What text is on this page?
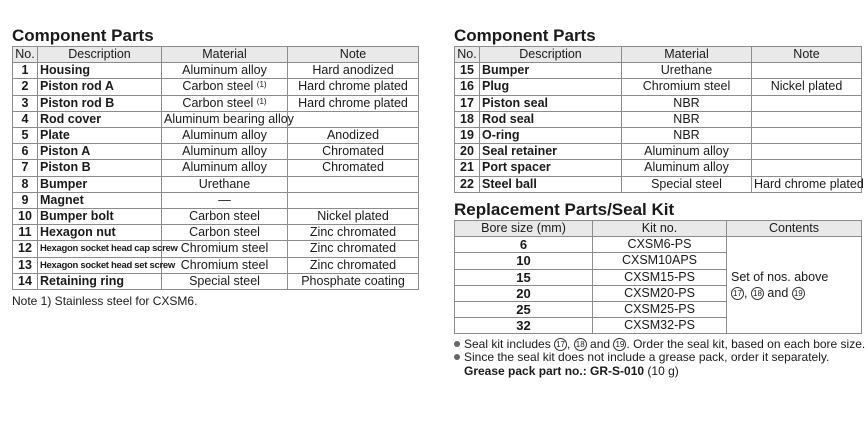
Component Parts
No.	Description	Material	Note
1	Housing	Aluminum alloy	Hard anodized
2	Piston rod A	Carbon steel $^{(1)}$	Hard chrome plated
3	Piston rod B	Carbon steel $^{(1)}$	Hard chrome plated
4	Rod cover	Aluminum bearing alloy	
5	Plate	Aluminum alloy	Anodized
6	Piston A	Aluminum alloy	Chromated
7	Piston B	Aluminum alloy	Chromated
8	Bumper	Urethane	
9	Magnet	—	
10	Bumper bolt	Carbon steel	Nickel plated
11	Hexagon nut	Carbon steel	Zinc chromated
12	Hexagon socket head cap screw	Chromium steel	Zinc chromated
13	Hexagon socket head set screw	Chromium steel	Zinc chromated
14	Retaining ring	Special steel	Phosphate coating
Note 1) Stainless steel for CXSM6.
Component Parts
No.	Description	Material	Note
15	Bumper	Urethane	
16	Plug	Chromium steel	Nickel plated
17	Piston seal	NBR	
18	Rod seal	NBR	
19	O-ring	NBR	
20	Seal retainer	Aluminum alloy	
21	Port spacer	Aluminum alloy	
22	Steel ball	Special steel	Hard chrome plated
Replacement Parts/Seal Kit
Bore size (mm)	Kit no.	Contents
6	CXSM6-PS	Set of nos. above
17 , 18 and 19

10	CXSM10APS	
15	CXSM15-PS	
20	CXSM20-PS	
25	CXSM25-PS	
32	CXSM32-PS	
Seal kit includes 17 , 18 and 19 . Order the seal kit, based on each bore size.
Since the seal kit does not include a grease pack, order it separately.
Grease pack part no.: GR-S-010 (10 g)
